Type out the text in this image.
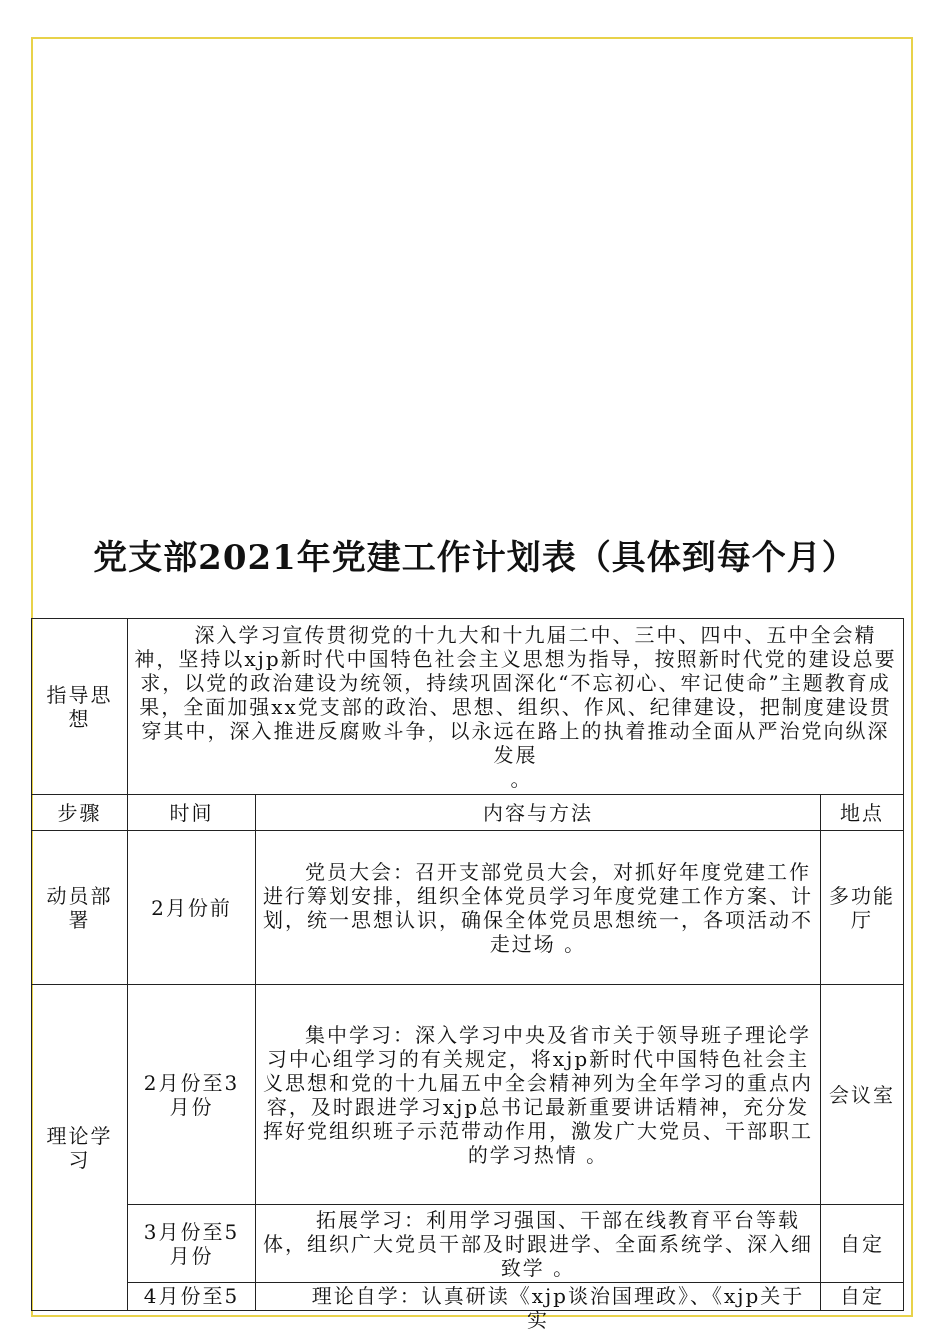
党支部2021年党建工作计划表（具体到每个月）
指导思想	深入学习宣传贯彻党的十九大和十九届二中、三中、四中、五中全会精神，坚持以xjp新时代中国特色社会主义思想为指导，按照新时代党的建设总要求，以党的政治建设为统领，持续巩固深化“不忘初心、牢记使命”主题教育成果，全面加强xx党支部的政治、思想、组织、作风、纪律建设，把制度建设贯穿其中，深入推进反腐败斗争，以永远在路上的执着推动全面从严治党向纵深发展
。		

步骤	时间	内容与方法	地点
动员部署	2月份前	党员大会：召开支部党员大会，对抓好年度党建工作进行筹划安排，组织全体党员学习年度党建工作方案、计划，统一思想认识，确保全体党员思想统一，各项活动不走过场 。	多功能厅
理论学习	2月份至3月份	集中学习：深入学习中央及省市关于领导班子理论学习中心组学习的有关规定，将xjp新时代中国特色社会主义思想和党的十九届五中全会精神列为全年学习的重点内容，及时跟进学习xjp总书记最新重要讲话精神，充分发挥好党组织班子示范带动作用，激发广大党员、干部职工的学习热情 。	会议室
	3月份至5月份	拓展学习：利用学习强国、干部在线教育平台等载体，组织广大党员干部及时跟进学、全面系统学、深入细致学 。	自定

	4月份至5	理论自学：认真研读《xjp谈治国理政》、《xjp关于实	自定
